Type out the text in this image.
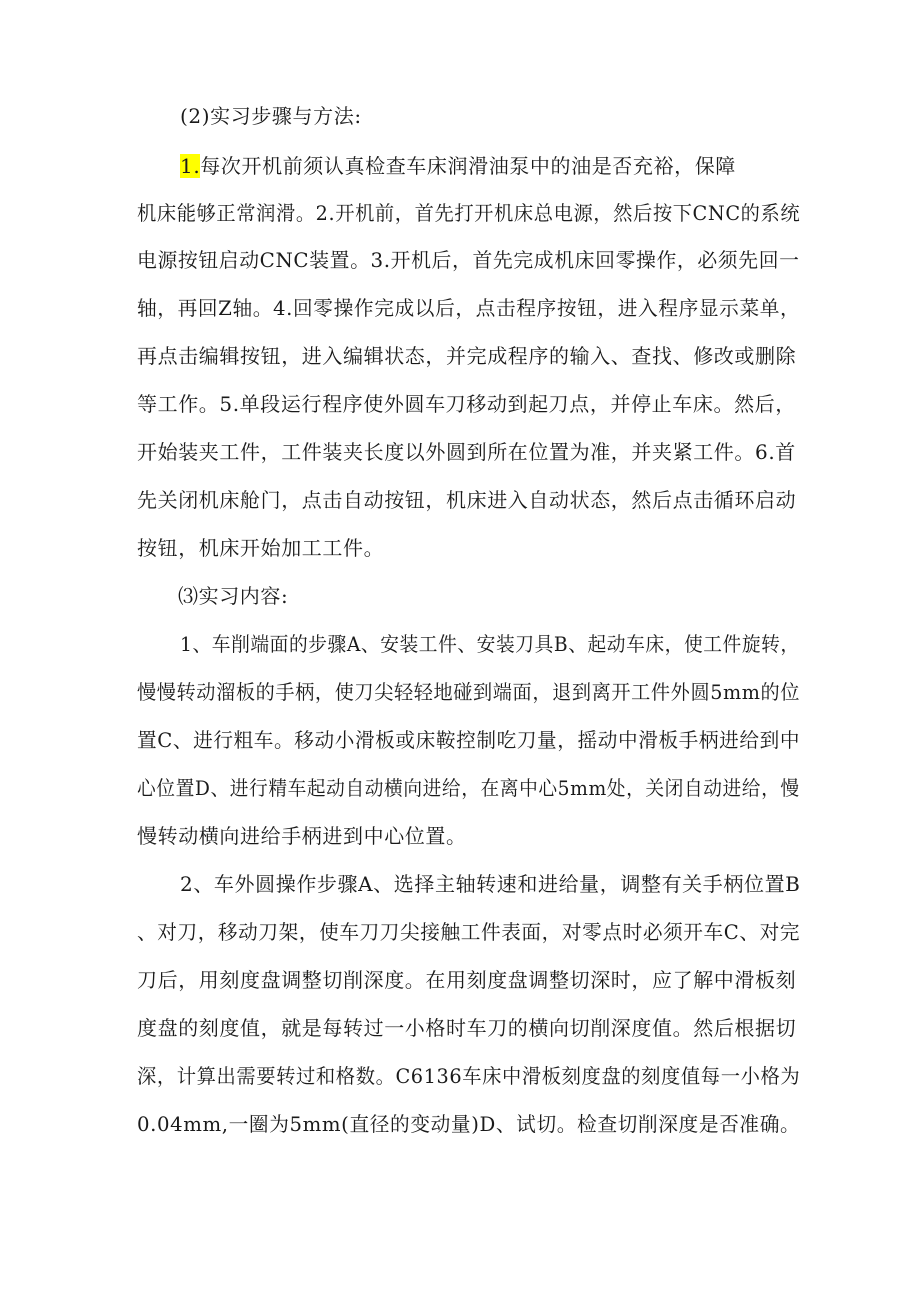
(2)实习步骤与方法:
1.每次开机前须认真检查车床润滑油泵中的油是否充裕，保障
机床能够正常润滑。2.开机前，首先打开机床总电源，然后按下CNC的系统
电源按钮启动CNC装置。3.开机后，首先完成机床回零操作，必须先回一
轴，再回Z轴。4.回零操作完成以后，点击程序按钮，进入程序显示菜单，
再点击编辑按钮，进入编辑状态，并完成程序的输入、查找、修改或删除
等工作。5.单段运行程序使外圆车刀移动到起刀点，并停止车床。然后，
开始装夹工件，工件装夹长度以外圆到所在位置为准，并夹紧工件。6.首
先关闭机床舱门，点击自动按钮，机床进入自动状态，然后点击循环启动
按钮，机床开始加工工件。
⑶实习内容:
1、车削端面的步骤A、安装工件、安装刀具B、起动车床，使工件旋转，
慢慢转动溜板的手柄，使刀尖轻轻地碰到端面，退到离开工件外圆5mm的位
置C、进行粗车。移动小滑板或床鞍控制吃刀量，摇动中滑板手柄进给到中
心位置D、进行精车起动自动横向进给，在离中心5mm处，关闭自动进给，慢
慢转动横向进给手柄进到中心位置。
2、车外圆操作步骤A、选择主轴转速和进给量，调整有关手柄位置B
、对刀，移动刀架，使车刀刀尖接触工件表面，对零点时必须开车C、对完
刀后，用刻度盘调整切削深度。在用刻度盘调整切深时，应了解中滑板刻
度盘的刻度值，就是每转过一小格时车刀的横向切削深度值。然后根据切
深，计算出需要转过和格数。C6136车床中滑板刻度盘的刻度值每一小格为
0.04mm,一圈为5mm(直径的变动量)D、试切。检查切削深度是否准确。
